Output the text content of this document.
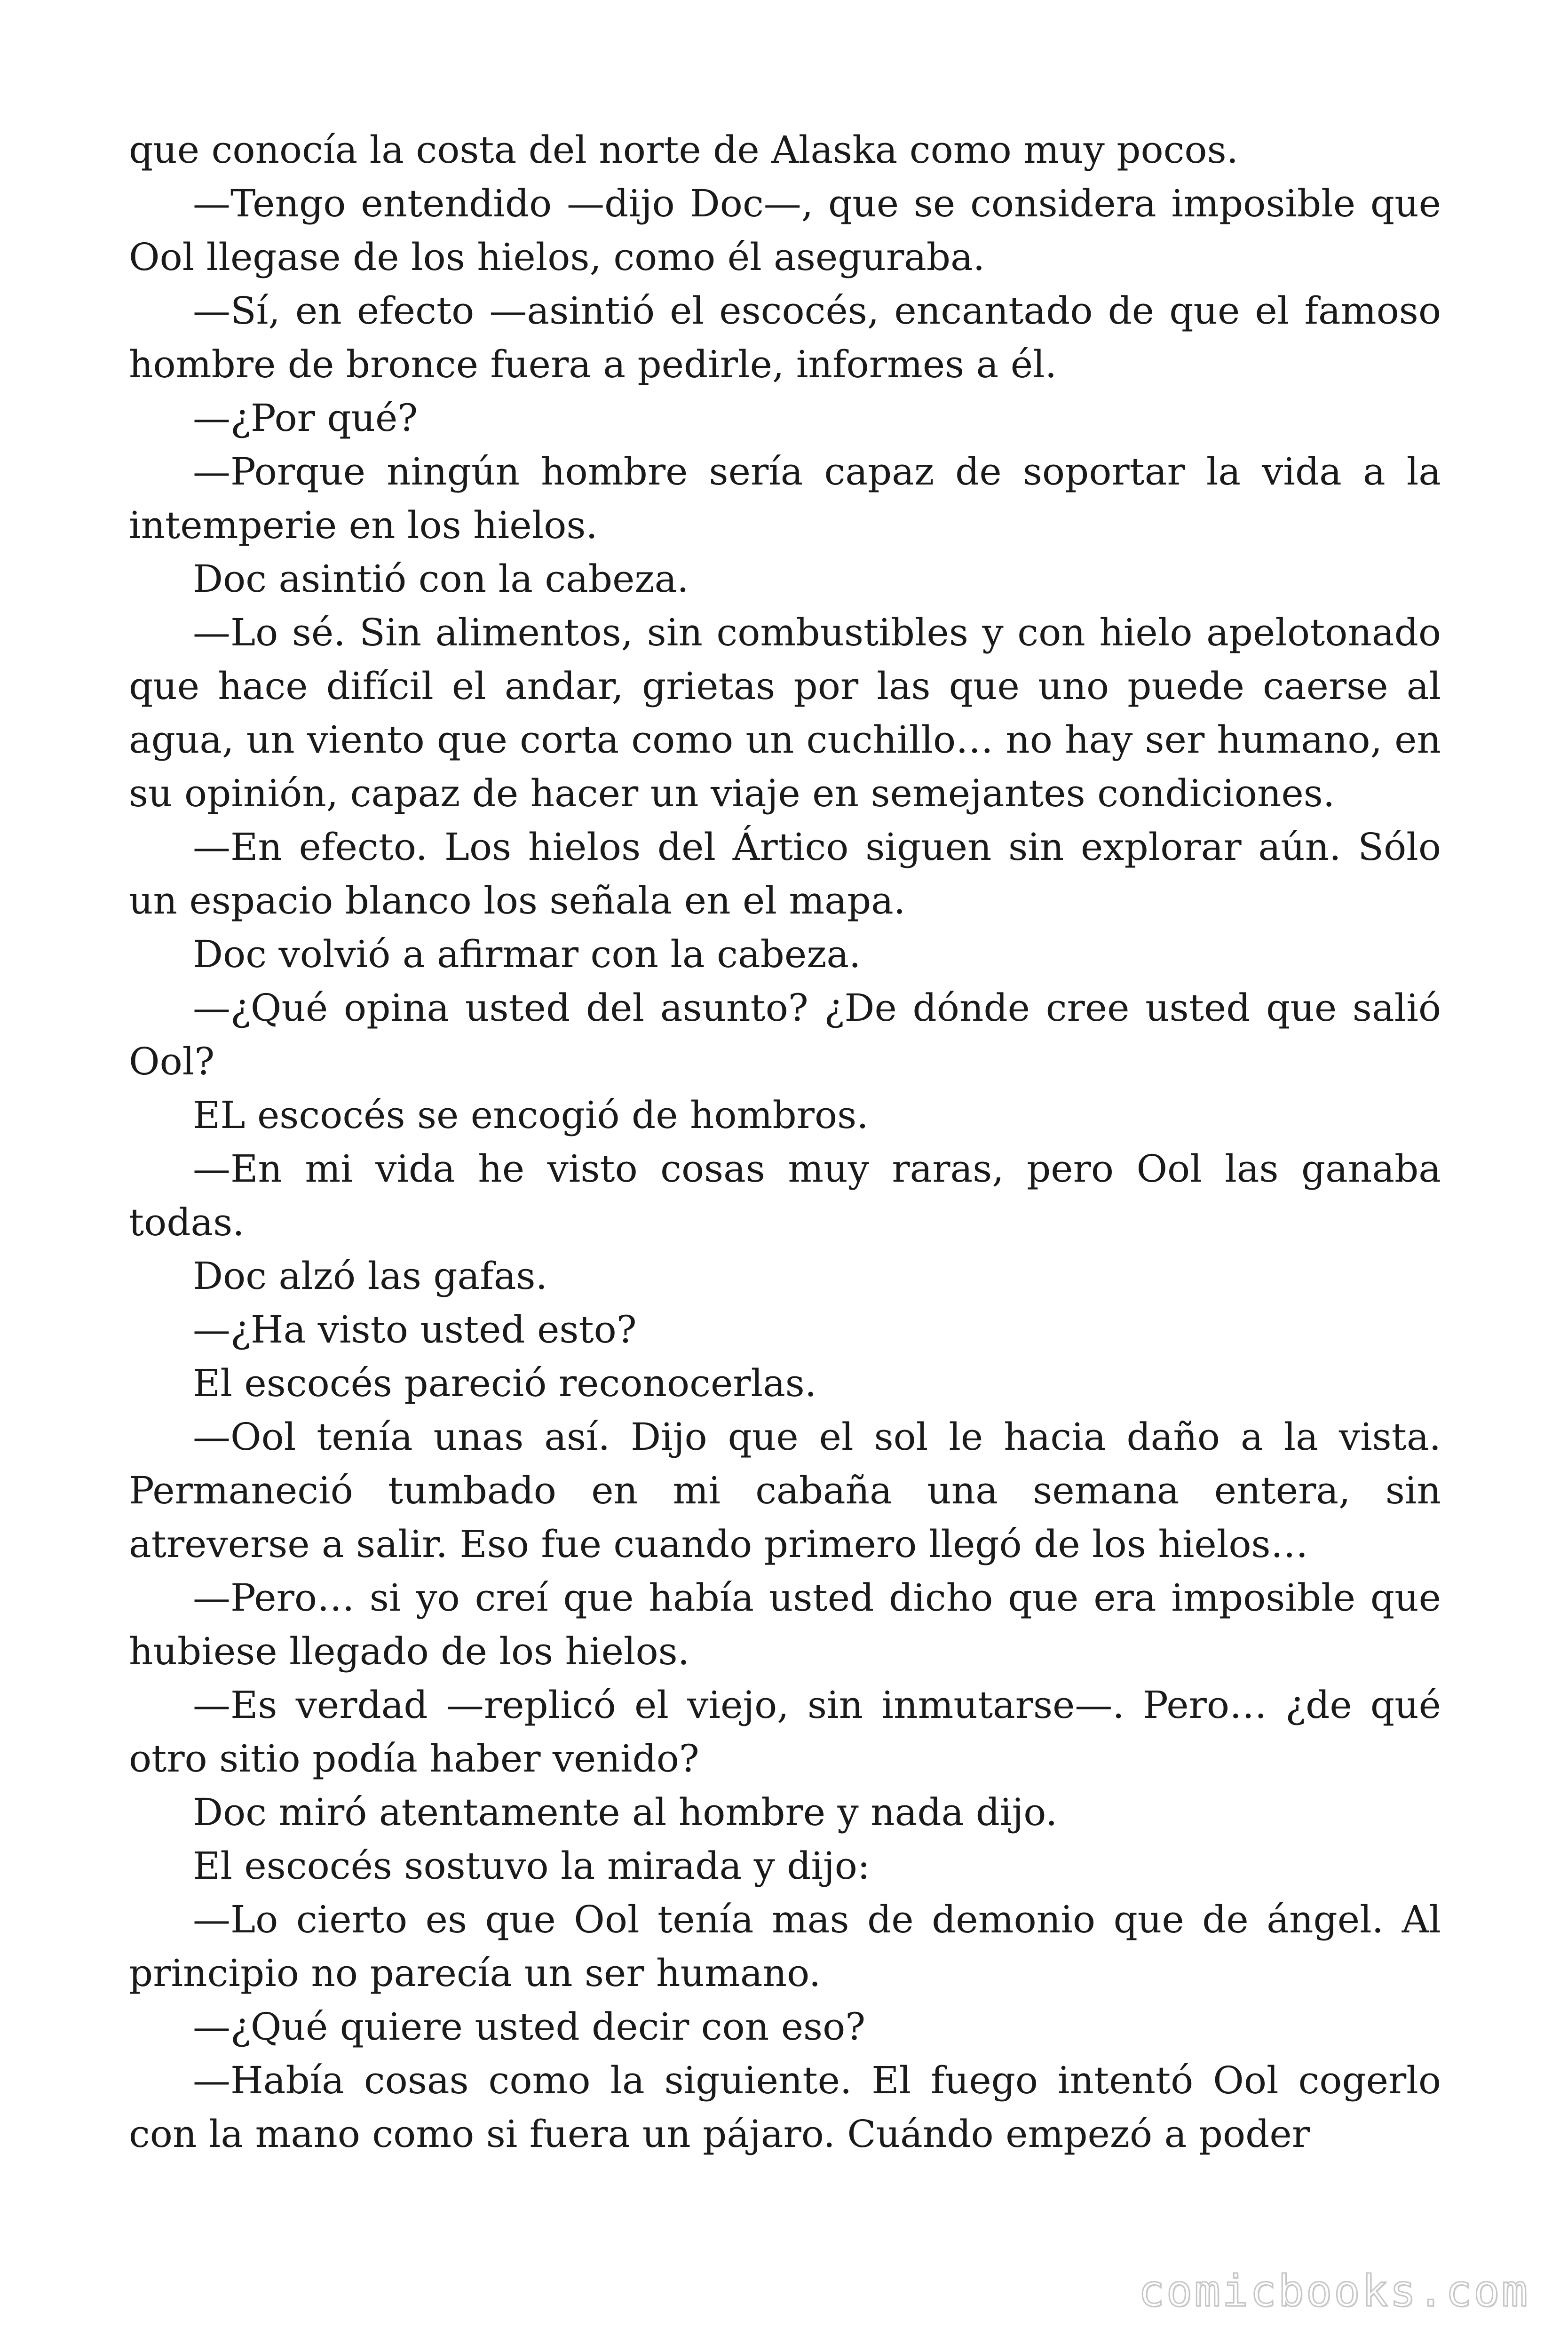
que conocía la costa del norte de Alaska como muy pocos.

—Tengo entendido —dijo Doc—, que se considera imposible que Ool llegase de los hielos, como él aseguraba.

—Sí, en efecto —asintió el escocés, encantado de que el famoso hombre de bronce fuera a pedirle, informes a él.

—¿Por qué?

—Porque ningún hombre sería capaz de soportar la vida a la intemperie en los hielos.

Doc asintió con la cabeza.

—Lo sé. Sin alimentos, sin combustibles y con hielo apelotonado que hace difícil el andar, grietas por las que uno puede caerse al agua, un viento que corta como un cuchillo… no hay ser humano, en su opinión, capaz de hacer un viaje en semejantes condiciones.

—En efecto. Los hielos del Ártico siguen sin explorar aún. Sólo un espacio blanco los señala en el mapa.

Doc volvió a afirmar con la cabeza.

—¿Qué opina usted del asunto? ¿De dónde cree usted que salió Ool?

EL escocés se encogió de hombros.

—En mi vida he visto cosas muy raras, pero Ool las ganaba todas.

Doc alzó las gafas.

—¿Ha visto usted esto?

El escocés pareció reconocerlas.

—Ool tenía unas así. Dijo que el sol le hacia daño a la vista. Permaneció tumbado en mi cabaña una semana entera, sin atreverse a salir. Eso fue cuando primero llegó de los hielos…

—Pero… si yo creí que había usted dicho que era imposible que hubiese llegado de los hielos.

—Es verdad —replicó el viejo, sin inmutarse—. Pero… ¿de qué otro sitio podía haber venido?

Doc miró atentamente al hombre y nada dijo.

El escocés sostuvo la mirada y dijo:

—Lo cierto es que Ool tenía mas de demonio que de ángel. Al principio no parecía un ser humano.

—¿Qué quiere usted decir con eso?

—Había cosas como la siguiente. El fuego intentó Ool cogerlo con la mano como si fuera un pájaro. Cuándo empezó a poder

comicbooks.com
